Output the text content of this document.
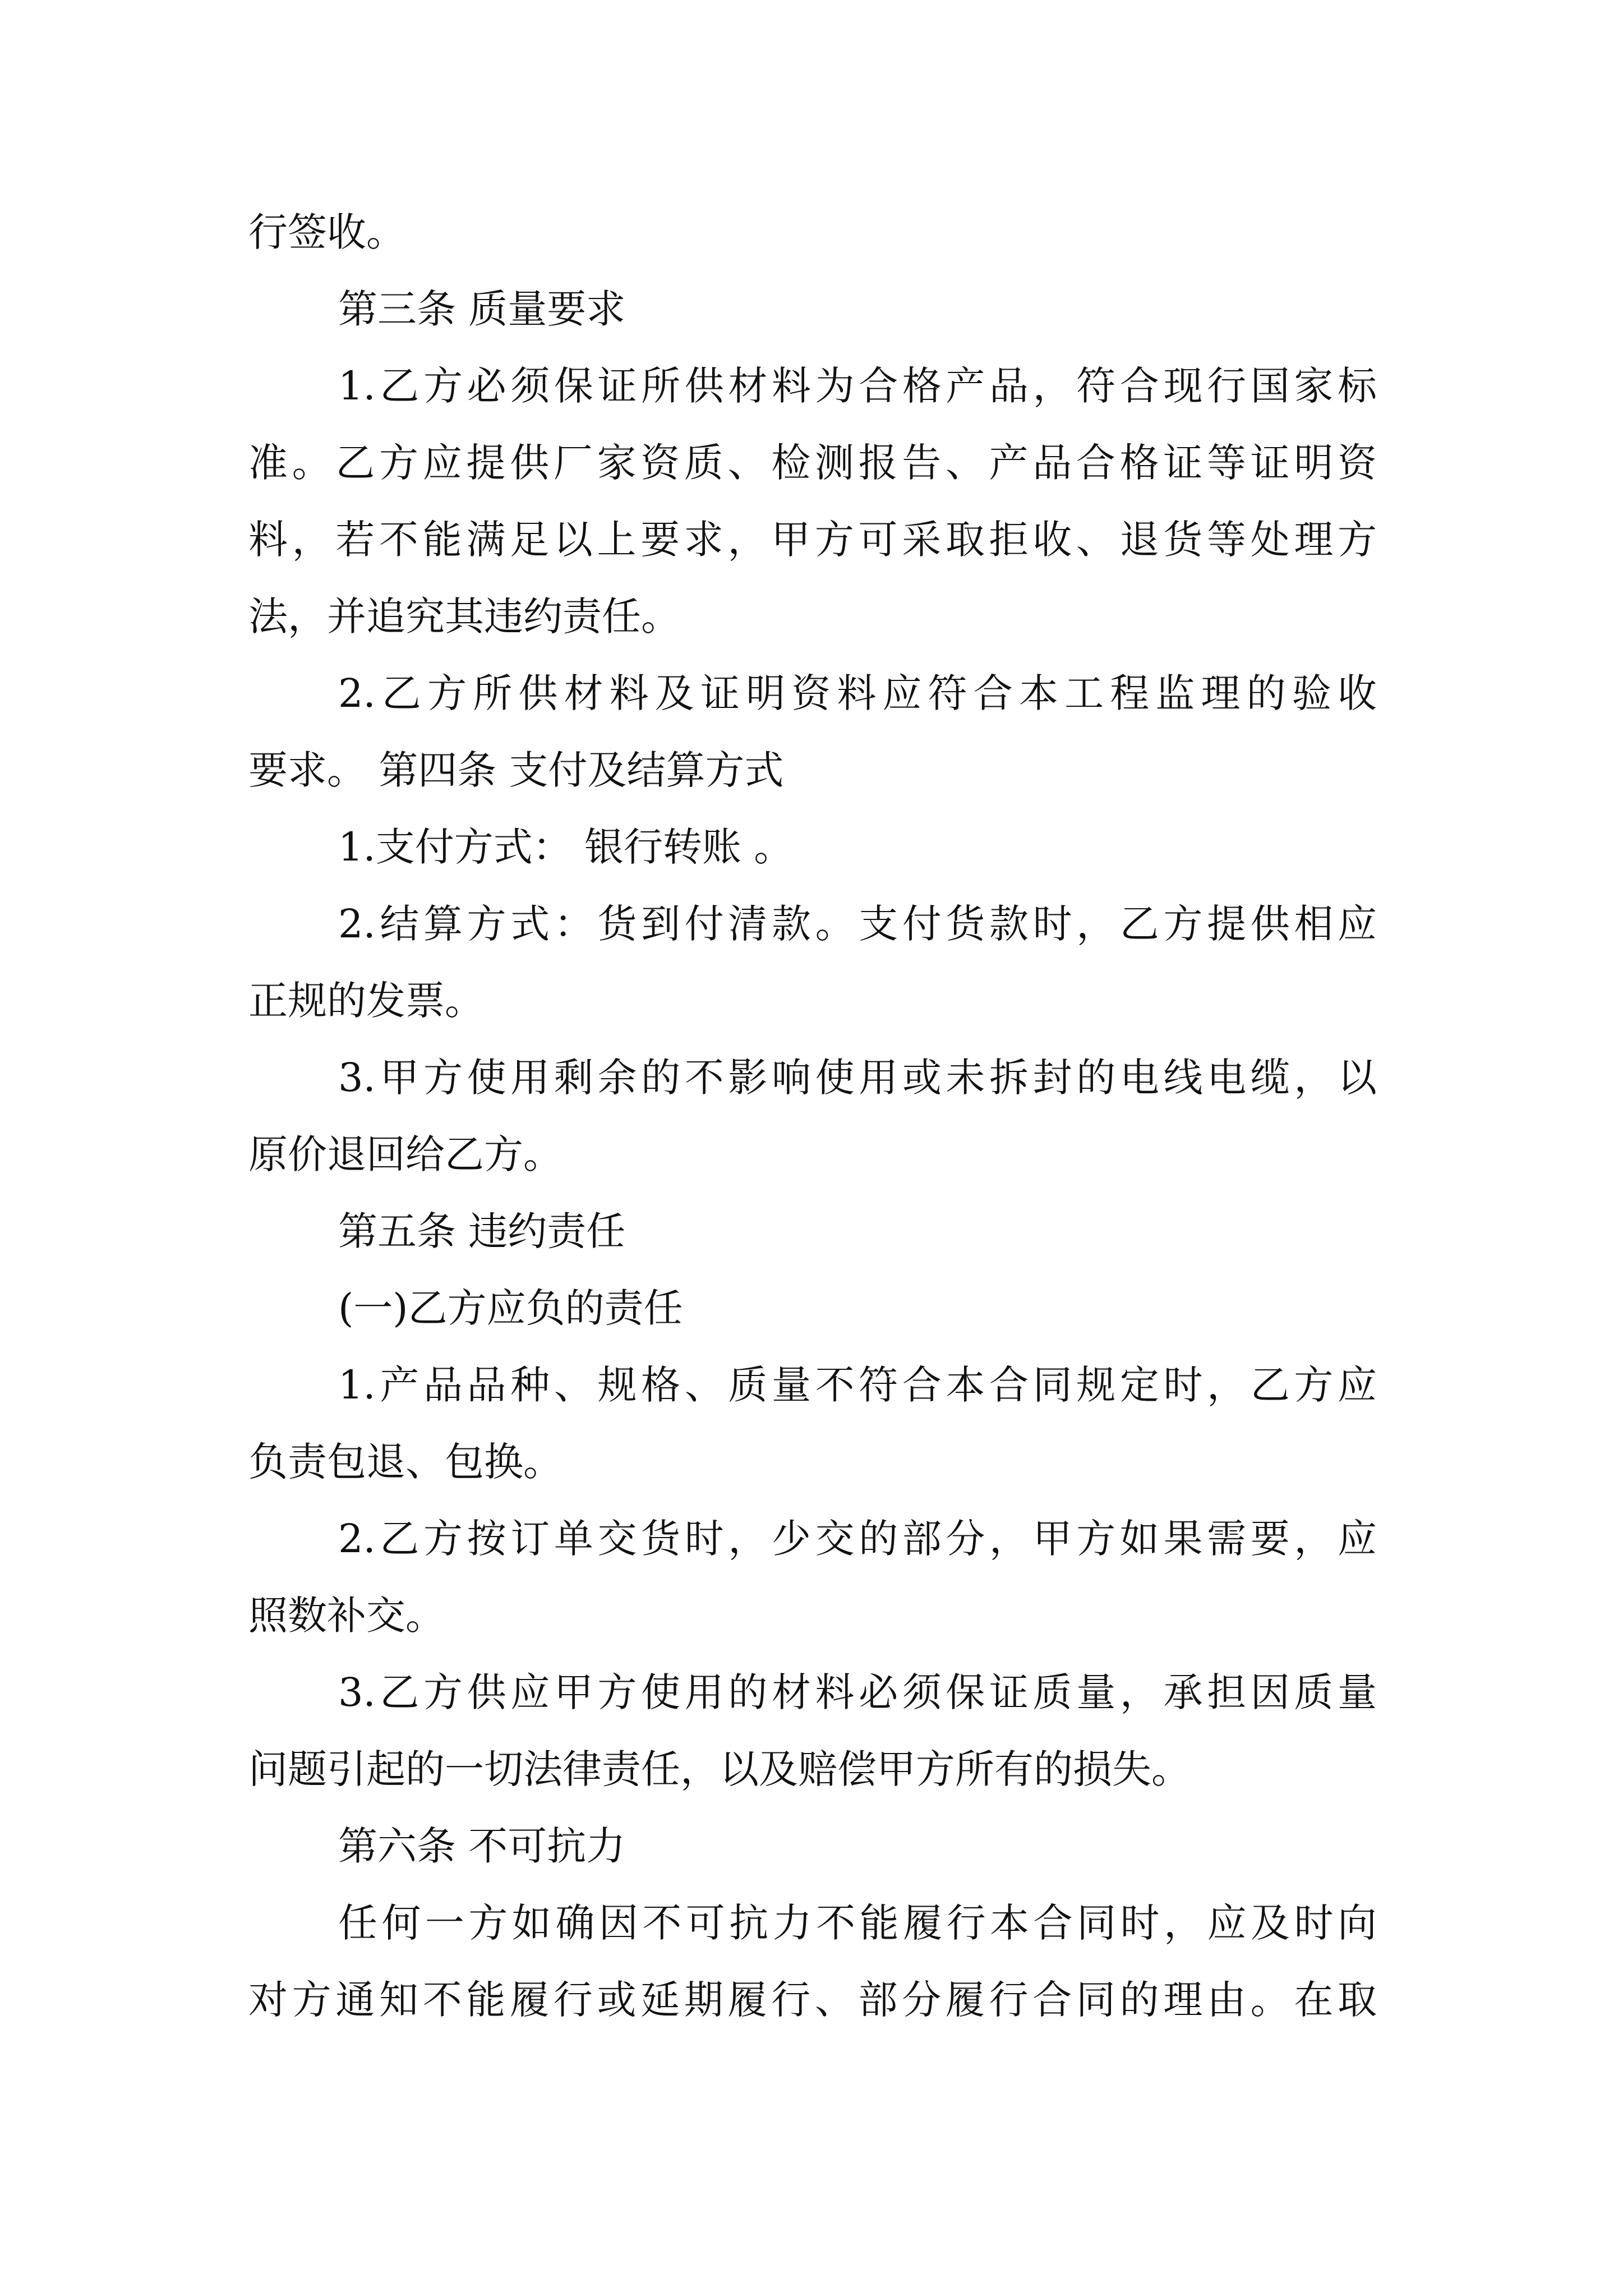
行签收。
第三条 质量要求
1.乙方必须保证所供材料为合格产品，符合现行国家标
准。乙方应提供厂家资质、检测报告、产品合格证等证明资
料，若不能满足以上要求，甲方可采取拒收、退货等处理方
法，并追究其违约责任。
2.乙方所供材料及证明资料应符合本工程监理的验收
要求。 第四条 支付及结算方式
1.支付方式： 银行转账 。
2.结算方式：货到付清款。支付货款时，乙方提供相应
正规的发票。
3.甲方使用剩余的不影响使用或未拆封的电线电缆，以
原价退回给乙方。
第五条 违约责任
(一)乙方应负的责任
1.产品品种、规格、质量不符合本合同规定时，乙方应
负责包退、包换。
2.乙方按订单交货时，少交的部分，甲方如果需要，应
照数补交。
3.乙方供应甲方使用的材料必须保证质量，承担因质量
问题引起的一切法律责任，以及赔偿甲方所有的损失。
第六条 不可抗力
任何一方如确因不可抗力不能履行本合同时，应及时向
对方通知不能履行或延期履行、部分履行合同的理由。在取
